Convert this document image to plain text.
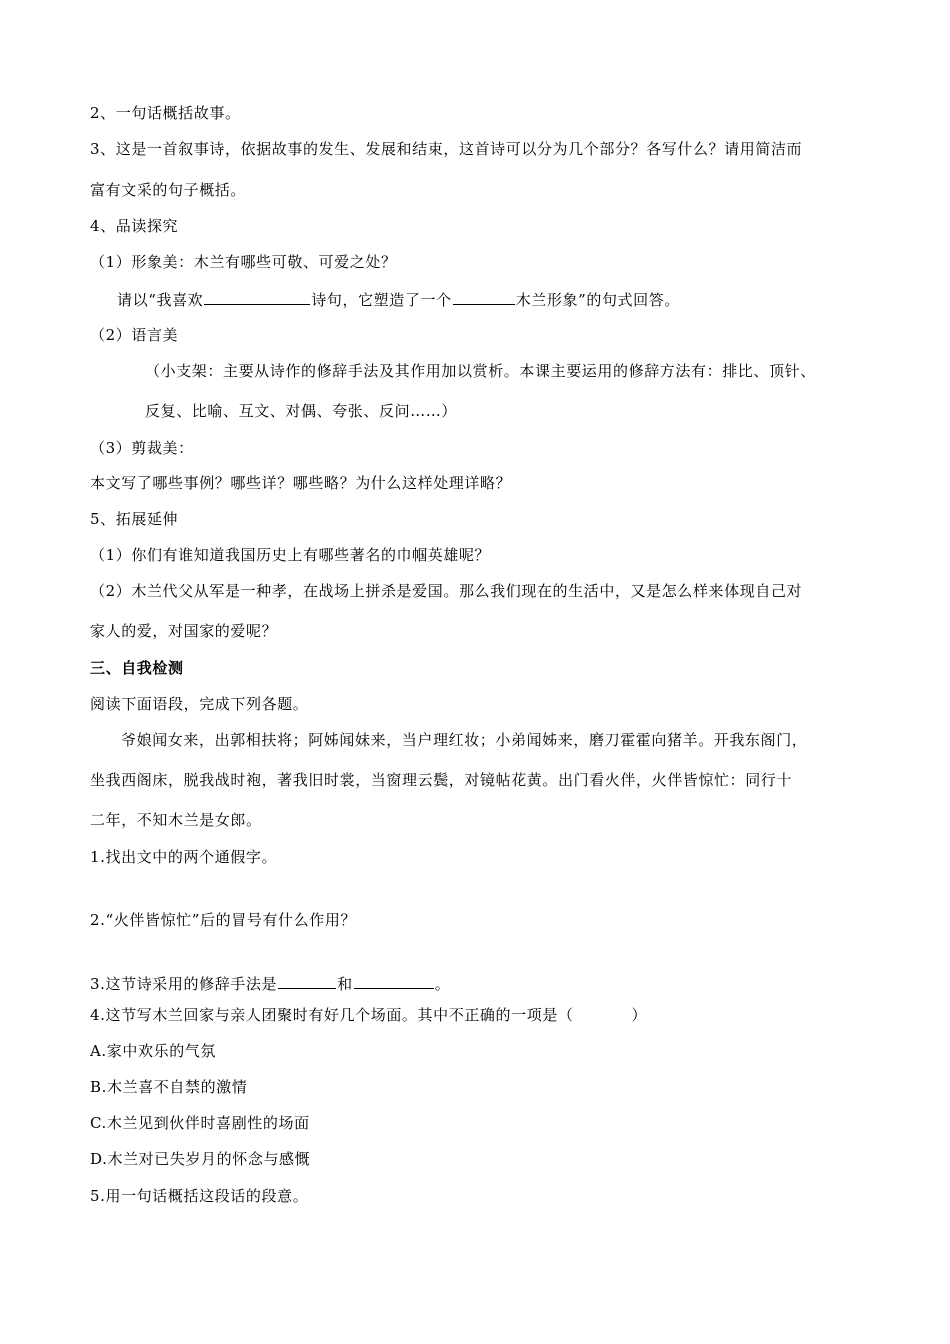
2、一句话概括故事。
3、这是一首叙事诗，依据故事的发生、发展和结束，这首诗可以分为几个部分？各写什么？请用简洁而
富有文采的句子概括。
4、品读探究
（1）形象美：木兰有哪些可敬、可爱之处？
请以“我喜欢	诗句，它塑造了一个	木兰形象”的句式回答。
（2）语言美
（小支架：主要从诗作的修辞手法及其作用加以赏析。本课主要运用的修辞方法有：排比、顶针、
反复、比喻、互文、对偶、夸张、反问……）
（3）剪裁美：
本文写了哪些事例？哪些详？哪些略？为什么这样处理详略？
5、拓展延伸
（1）你们有谁知道我国历史上有哪些著名的巾帼英雄呢？
（2）木兰代父从军是一种孝，在战场上拼杀是爱国。那么我们现在的生活中，又是怎么样来体现自己对
家人的爱，对国家的爱呢？
三、自我检测
阅读下面语段，完成下列各题。
爷娘闻女来，出郭相扶将；阿姊闻妹来，当户理红妆；小弟闻姊来，磨刀霍霍向猪羊。开我东阁门，
坐我西阁床，脱我战时袍，著我旧时裳，当窗理云鬓，对镜帖花黄。出门看火伴，火伴皆惊忙：同行十
二年，不知木兰是女郎。
1.找出文中的两个通假字。
2.“火伴皆惊忙”后的冒号有什么作用？
3.这节诗采用的修辞手法是	和	。
4.这节写木兰回家与亲人团聚时有好几个场面。其中不正确的一项是（	）
A.家中欢乐的气氛
B.木兰喜不自禁的激情
C.木兰见到伙伴时喜剧性的场面
D.木兰对已失岁月的怀念与感慨
5.用一句话概括这段话的段意。
